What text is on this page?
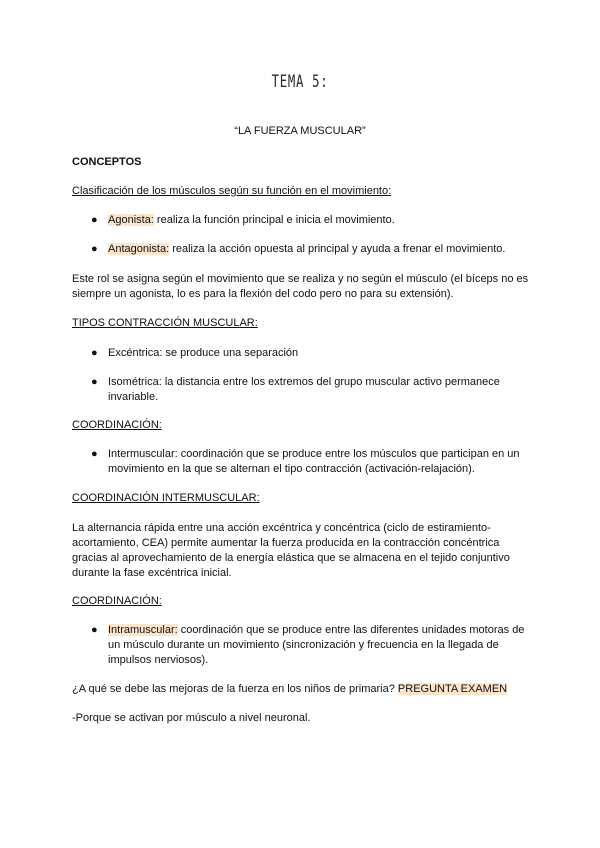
TEMA 5:
“LA FUERZA MUSCULAR”
CONCEPTOS
Clasificación de los músculos según su función en el movimiento:
● Agonista: realiza la función principal e inicia el movimiento.
● Antagonista: realiza la acción opuesta al principal y ayuda a frenar el movimiento.
Este rol se asigna según el movimiento que se realiza y no según el músculo (el bíceps no es siempre un agonista, lo es para la flexión del codo pero no para su extensión).
TIPOS CONTRACCIÓN MUSCULAR:
● Excéntrica: se produce una separación
● Isométrica: la distancia entre los extremos del grupo muscular activo permanece invariable.
COORDINACIÓN:
● Intermuscular: coordinación que se produce entre los músculos que participan en un movimiento en la que se alternan el tipo contracción (activación-relajación).
COORDINACIÓN INTERMUSCULAR:
La alternancia rápida entre una acción excéntrica y concéntrica (ciclo de estiramiento-acortamiento, CEA) permite aumentar la fuerza producida en la contracción concéntrica gracias al aprovechamiento de la energía elástica que se almacena en el tejido conjuntivo durante la fase excéntrica inicial.
COORDINACIÓN:
● Intramuscular: coordinación que se produce entre las diferentes unidades motoras de un músculo durante un movimiento (sincronización y frecuencia en la llegada de impulsos nerviosos).
¿A qué se debe las mejoras de la fuerza en los niños de primaria? PREGUNTA EXAMEN
-Porque se activan por músculo a nivel neuronal.
